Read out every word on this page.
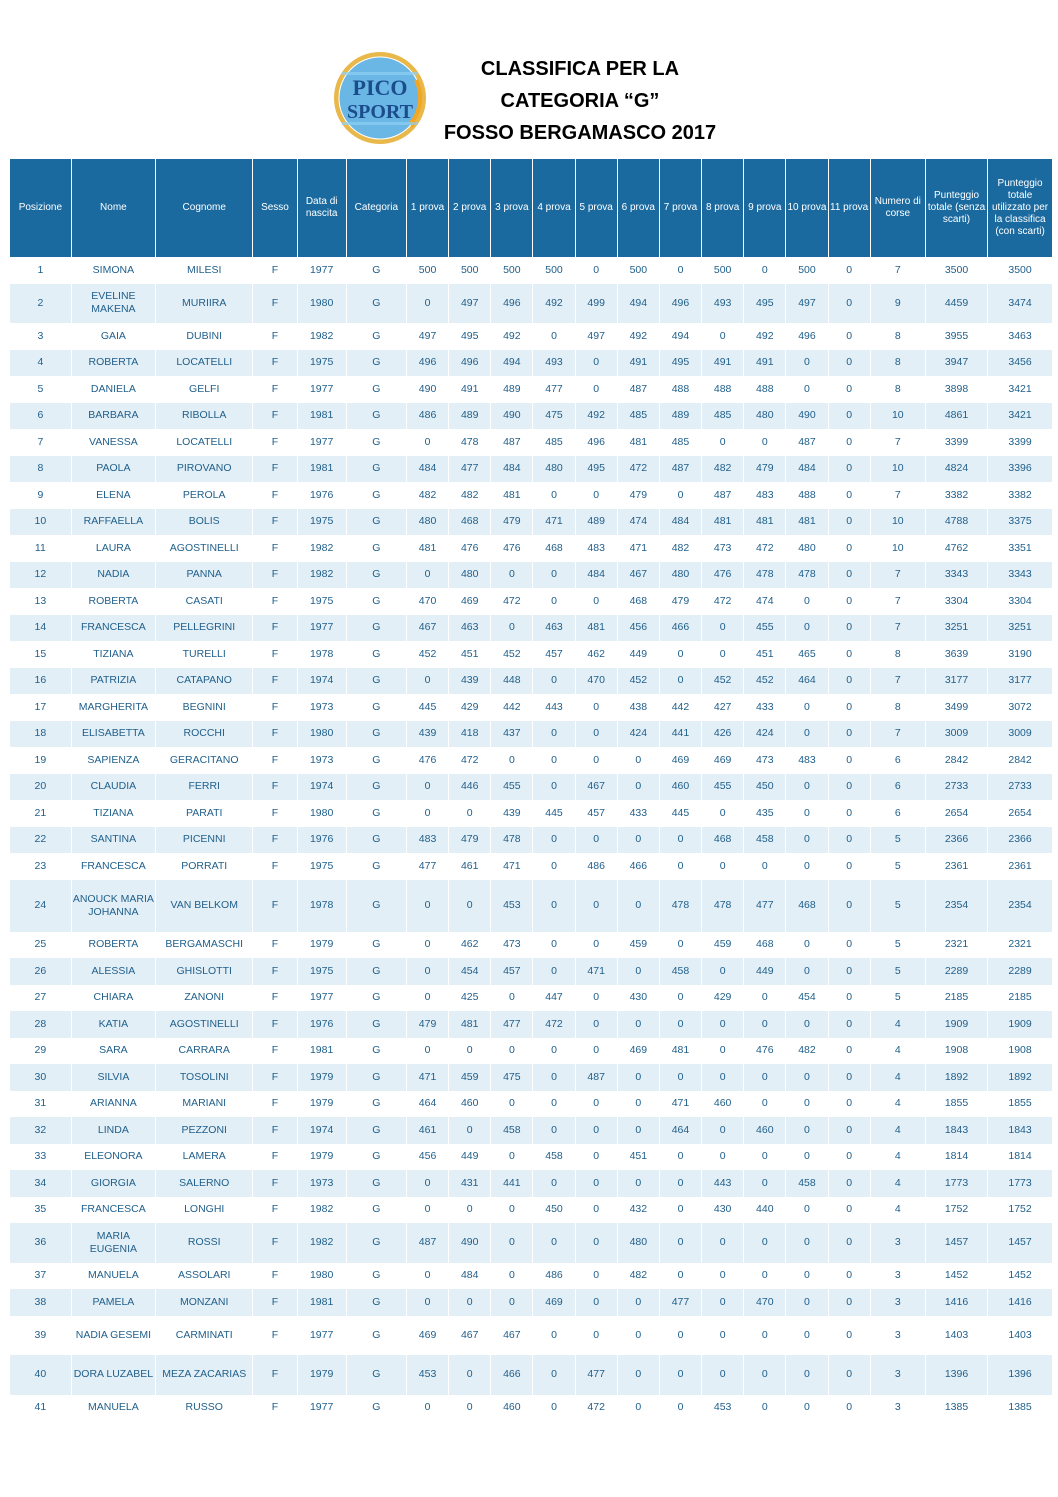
PICO
SPORT
CLASSIFICA PER LA
CATEGORIA “G”
FOSSO BERGAMASCO 2017
Posizione	Nome	Cognome	Sesso	Data di nascita	Categoria	1 prova	2 prova	3 prova	4 prova	5 prova	6 prova	7 prova	8 prova	9 prova	10 prova	11 prova	Numero di corse	Punteggio totale (senza scarti)	Punteggio totale utilizzato per la classifica (con scarti)
1	SIMONA	MILESI	F	1977	G	500	500	500	500	0	500	0	500	0	500	0	7	3500	3500
2	EVELINE MAKENA	MURIIRA	F	1980	G	0	497	496	492	499	494	496	493	495	497	0	9	4459	3474
3	GAIA	DUBINI	F	1982	G	497	495	492	0	497	492	494	0	492	496	0	8	3955	3463
4	ROBERTA	LOCATELLI	F	1975	G	496	496	494	493	0	491	495	491	491	0	0	8	3947	3456
5	DANIELA	GELFI	F	1977	G	490	491	489	477	0	487	488	488	488	0	0	8	3898	3421
6	BARBARA	RIBOLLA	F	1981	G	486	489	490	475	492	485	489	485	480	490	0	10	4861	3421
7	VANESSA	LOCATELLI	F	1977	G	0	478	487	485	496	481	485	0	0	487	0	7	3399	3399
8	PAOLA	PIROVANO	F	1981	G	484	477	484	480	495	472	487	482	479	484	0	10	4824	3396
9	ELENA	PEROLA	F	1976	G	482	482	481	0	0	479	0	487	483	488	0	7	3382	3382
10	RAFFAELLA	BOLIS	F	1975	G	480	468	479	471	489	474	484	481	481	481	0	10	4788	3375
11	LAURA	AGOSTINELLI	F	1982	G	481	476	476	468	483	471	482	473	472	480	0	10	4762	3351
12	NADIA	PANNA	F	1982	G	0	480	0	0	484	467	480	476	478	478	0	7	3343	3343
13	ROBERTA	CASATI	F	1975	G	470	469	472	0	0	468	479	472	474	0	0	7	3304	3304
14	FRANCESCA	PELLEGRINI	F	1977	G	467	463	0	463	481	456	466	0	455	0	0	7	3251	3251
15	TIZIANA	TURELLI	F	1978	G	452	451	452	457	462	449	0	0	451	465	0	8	3639	3190
16	PATRIZIA	CATAPANO	F	1974	G	0	439	448	0	470	452	0	452	452	464	0	7	3177	3177
17	MARGHERITA	BEGNINI	F	1973	G	445	429	442	443	0	438	442	427	433	0	0	8	3499	3072
18	ELISABETTA	ROCCHI	F	1980	G	439	418	437	0	0	424	441	426	424	0	0	7	3009	3009
19	SAPIENZA	GERACITANO	F	1973	G	476	472	0	0	0	0	469	469	473	483	0	6	2842	2842
20	CLAUDIA	FERRI	F	1974	G	0	446	455	0	467	0	460	455	450	0	0	6	2733	2733
21	TIZIANA	PARATI	F	1980	G	0	0	439	445	457	433	445	0	435	0	0	6	2654	2654
22	SANTINA	PICENNI	F	1976	G	483	479	478	0	0	0	0	468	458	0	0	5	2366	2366
23	FRANCESCA	PORRATI	F	1975	G	477	461	471	0	486	466	0	0	0	0	0	5	2361	2361
24	ANOUCK MARIA JOHANNA	VAN BELKOM	F	1978	G	0	0	453	0	0	0	478	478	477	468	0	5	2354	2354
25	ROBERTA	BERGAMASCHI	F	1979	G	0	462	473	0	0	459	0	459	468	0	0	5	2321	2321
26	ALESSIA	GHISLOTTI	F	1975	G	0	454	457	0	471	0	458	0	449	0	0	5	2289	2289
27	CHIARA	ZANONI	F	1977	G	0	425	0	447	0	430	0	429	0	454	0	5	2185	2185
28	KATIA	AGOSTINELLI	F	1976	G	479	481	477	472	0	0	0	0	0	0	0	4	1909	1909
29	SARA	CARRARA	F	1981	G	0	0	0	0	0	469	481	0	476	482	0	4	1908	1908
30	SILVIA	TOSOLINI	F	1979	G	471	459	475	0	487	0	0	0	0	0	0	4	1892	1892
31	ARIANNA	MARIANI	F	1979	G	464	460	0	0	0	0	471	460	0	0	0	4	1855	1855
32	LINDA	PEZZONI	F	1974	G	461	0	458	0	0	0	464	0	460	0	0	4	1843	1843
33	ELEONORA	LAMERA	F	1979	G	456	449	0	458	0	451	0	0	0	0	0	4	1814	1814
34	GIORGIA	SALERNO	F	1973	G	0	431	441	0	0	0	0	443	0	458	0	4	1773	1773
35	FRANCESCA	LONGHI	F	1982	G	0	0	0	450	0	432	0	430	440	0	0	4	1752	1752
36	MARIA EUGENIA	ROSSI	F	1982	G	487	490	0	0	0	480	0	0	0	0	0	3	1457	1457
37	MANUELA	ASSOLARI	F	1980	G	0	484	0	486	0	482	0	0	0	0	0	3	1452	1452
38	PAMELA	MONZANI	F	1981	G	0	0	0	469	0	0	477	0	470	0	0	3	1416	1416
39	NADIA GESEMI	CARMINATI	F	1977	G	469	467	467	0	0	0	0	0	0	0	0	3	1403	1403
40	DORA LUZABEL	MEZA ZACARIAS	F	1979	G	453	0	466	0	477	0	0	0	0	0	0	3	1396	1396
41	MANUELA	RUSSO	F	1977	G	0	0	460	0	472	0	0	453	0	0	0	3	1385	1385
